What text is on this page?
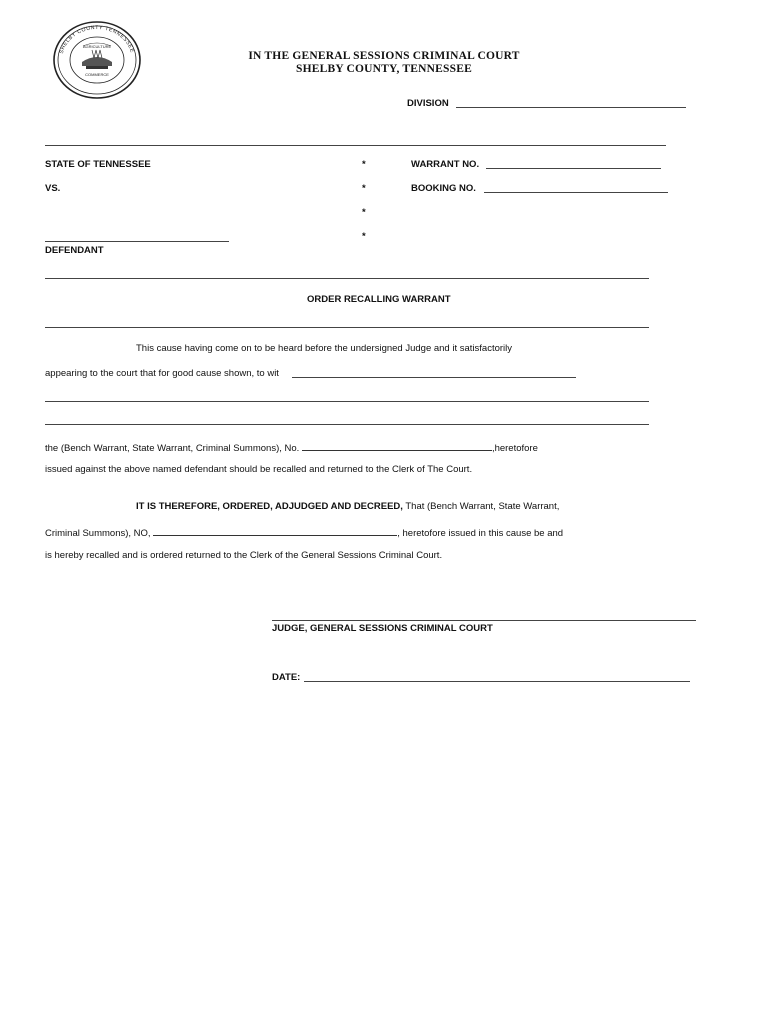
AGRICULTURE
COMMERCE
SHELBY COUNTY TENNESSEE	IN THE GENERAL SESSIONS CRIMINAL COURT
SHELBY COUNTY, TENNESSEE
DIVISION
STATE OF TENNESSEE
VS.
*
*
*
*
WARRANT NO.
BOOKING NO.
DEFENDANT
ORDER RECALLING WARRANT
This cause having come on to be heard before the undersigned Judge and it satisfactorily
appearing to the court that for good cause shown, to wit
the (Bench Warrant, State Warrant, Criminal Summons), No.	,heretofore
issued against the above named defendant should be recalled and returned to the Clerk of The Court.
IT IS THEREFORE, ORDERED, ADJUDGED AND DECREED, That (Bench Warrant, State Warrant,
Criminal Summons), NO,	, heretofore issued in this cause be and
is hereby recalled and is ordered returned to the Clerk of the General Sessions Criminal Court.
JUDGE, GENERAL SESSIONS CRIMINAL COURT
DATE:
